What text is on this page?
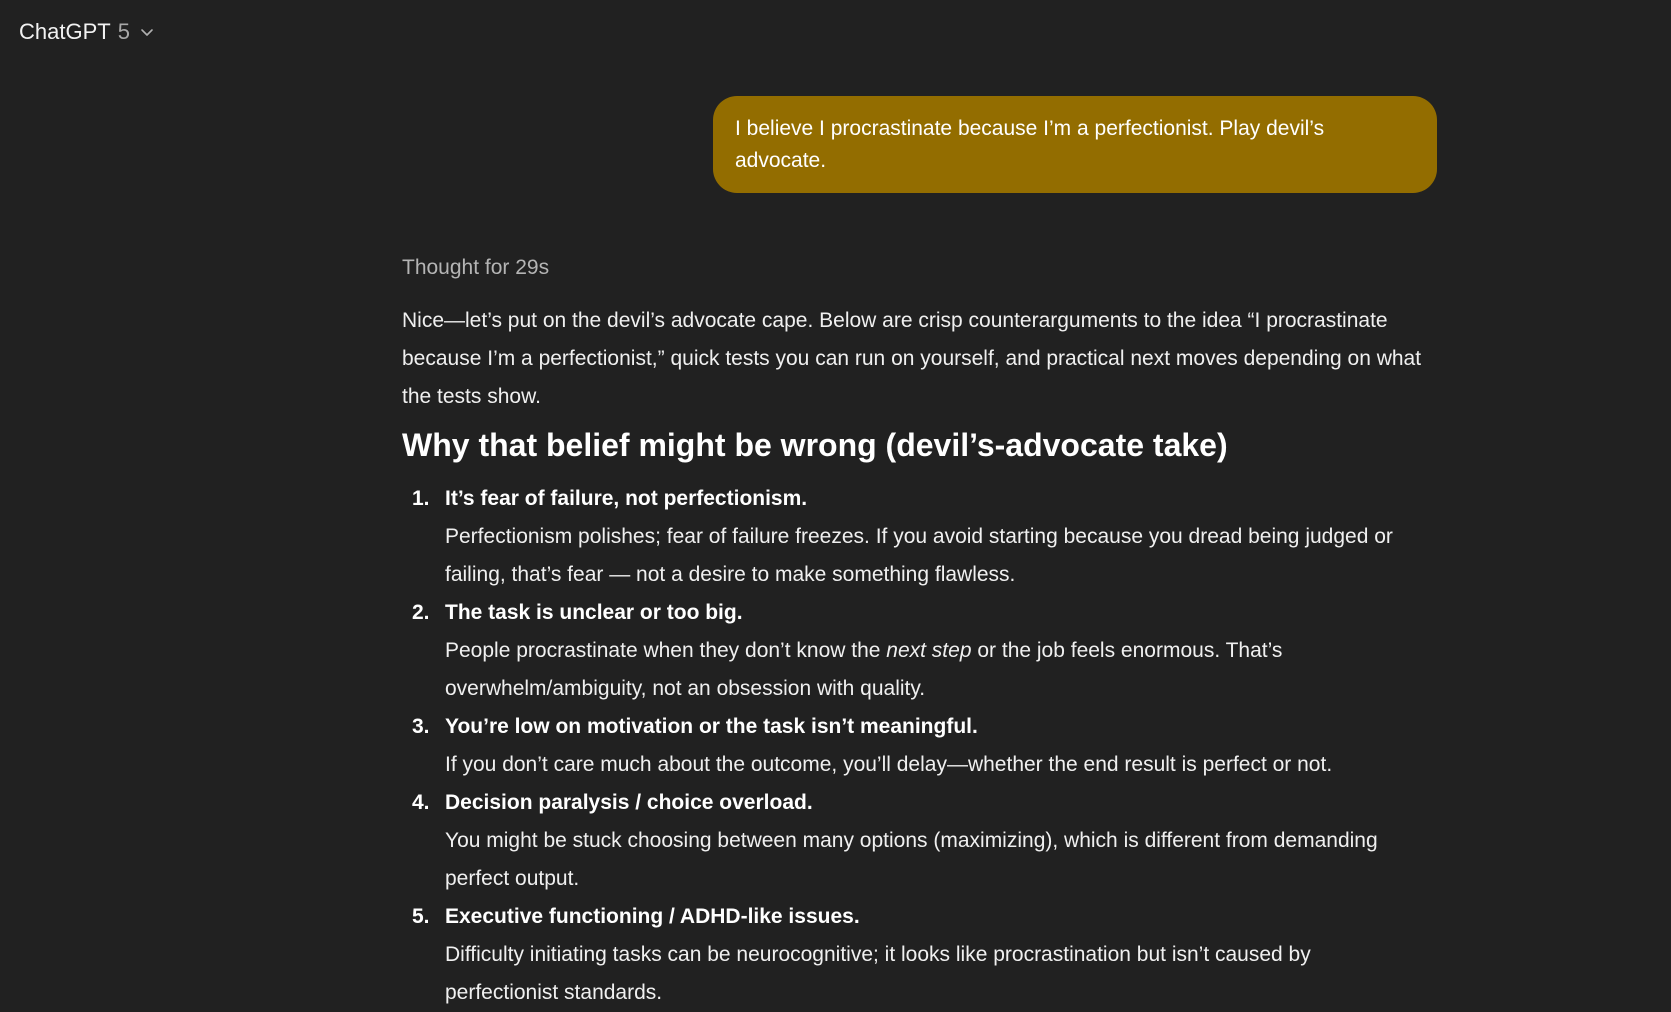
ChatGPT 5
I believe I procrastinate because I’m a perfectionist. Play devil’s advocate.
Thought for 29s
Nice—let’s put on the devil’s advocate cape. Below are crisp counterarguments to the idea “I procrastinate because I’m a perfectionist,” quick tests you can run on yourself, and practical next moves depending on what the tests show.
Why that belief might be wrong (devil’s-advocate take)
1. It’s fear of failure, not perfectionism.
Perfectionism polishes; fear of failure freezes. If you avoid starting because you dread being judged or failing, that’s fear — not a desire to make something flawless.
2. The task is unclear or too big.
People procrastinate when they don’t know the next step or the job feels enormous. That’s overwhelm/ambiguity, not an obsession with quality.
3. You’re low on motivation or the task isn’t meaningful.
If you don’t care much about the outcome, you’ll delay—whether the end result is perfect or not.
4. Decision paralysis / choice overload.
You might be stuck choosing between many options (maximizing), which is different from demanding perfect output.
5. Executive functioning / ADHD-like issues.
Difficulty initiating tasks can be neurocognitive; it looks like procrastination but isn’t caused by perfectionist standards.
